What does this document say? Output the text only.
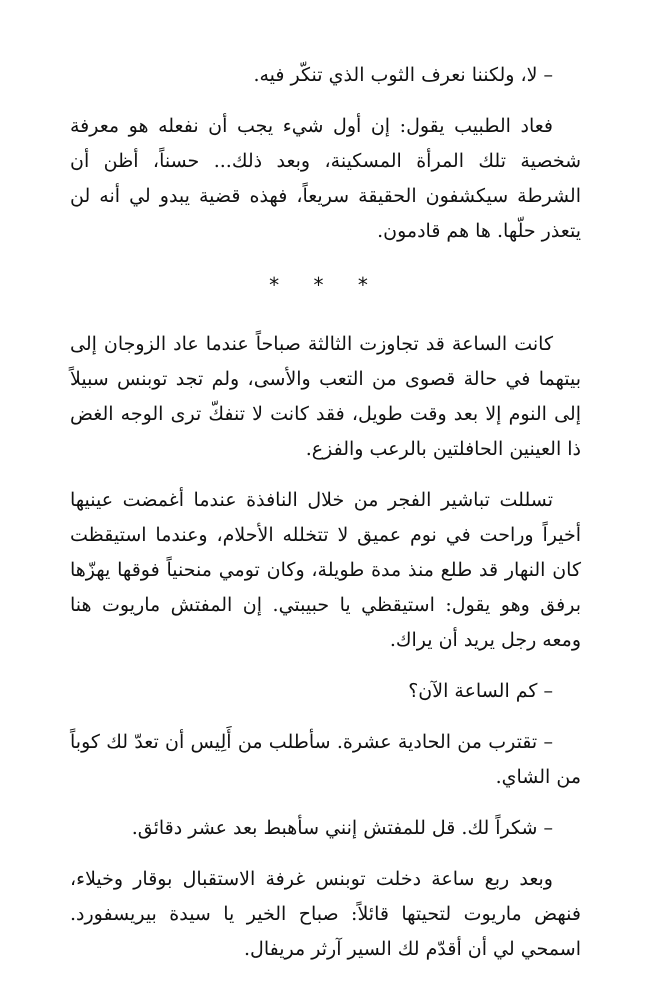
– لا، ولكننا نعرف الثوب الذي تنكّر فيه.

فعاد الطبيب يقول: إن أول شيء يجب أن نفعله هو معرفة شخصية تلك المرأة المسكينة، وبعد ذلك... حسناً، أظن أن الشرطة سيكشفون الحقيقة سريعاً، فهذه قضية يبدو لي أنه لن يتعذر حلّها. ها هم قادمون.

* * *

كانت الساعة قد تجاوزت الثالثة صباحاً عندما عاد الزوجان إلى بيتهما في حالة قصوى من التعب والأسى، ولم تجد توبنس سبيلاً إلى النوم إلا بعد وقت طويل، فقد كانت لا تنفكّ ترى الوجه الغض ذا العينين الحافلتين بالرعب والفزع.

تسللت تباشير الفجر من خلال النافذة عندما أغمضت عينيها أخيراً وراحت في نوم عميق لا تتخلله الأحلام، وعندما استيقظت كان النهار قد طلع منذ مدة طويلة، وكان تومي منحنياً فوقها يهزّها برفق وهو يقول: استيقظي يا حبيبتي. إن المفتش ماريوت هنا ومعه رجل يريد أن يراك.

– كم الساعة الآن؟

– تقترب من الحادية عشرة. سأطلب من أَلِيس أن تعدّ لك كوباً من الشاي.

– شكراً لك. قل للمفتش إنني سأهبط بعد عشر دقائق.

وبعد ربع ساعة دخلت توبنس غرفة الاستقبال بوقار وخيلاء، فنهض ماريوت لتحيتها قائلاً: صباح الخير يا سيدة بيريسفورد. اسمحي لي أن أقدّم لك السير آرثر مريفال.
